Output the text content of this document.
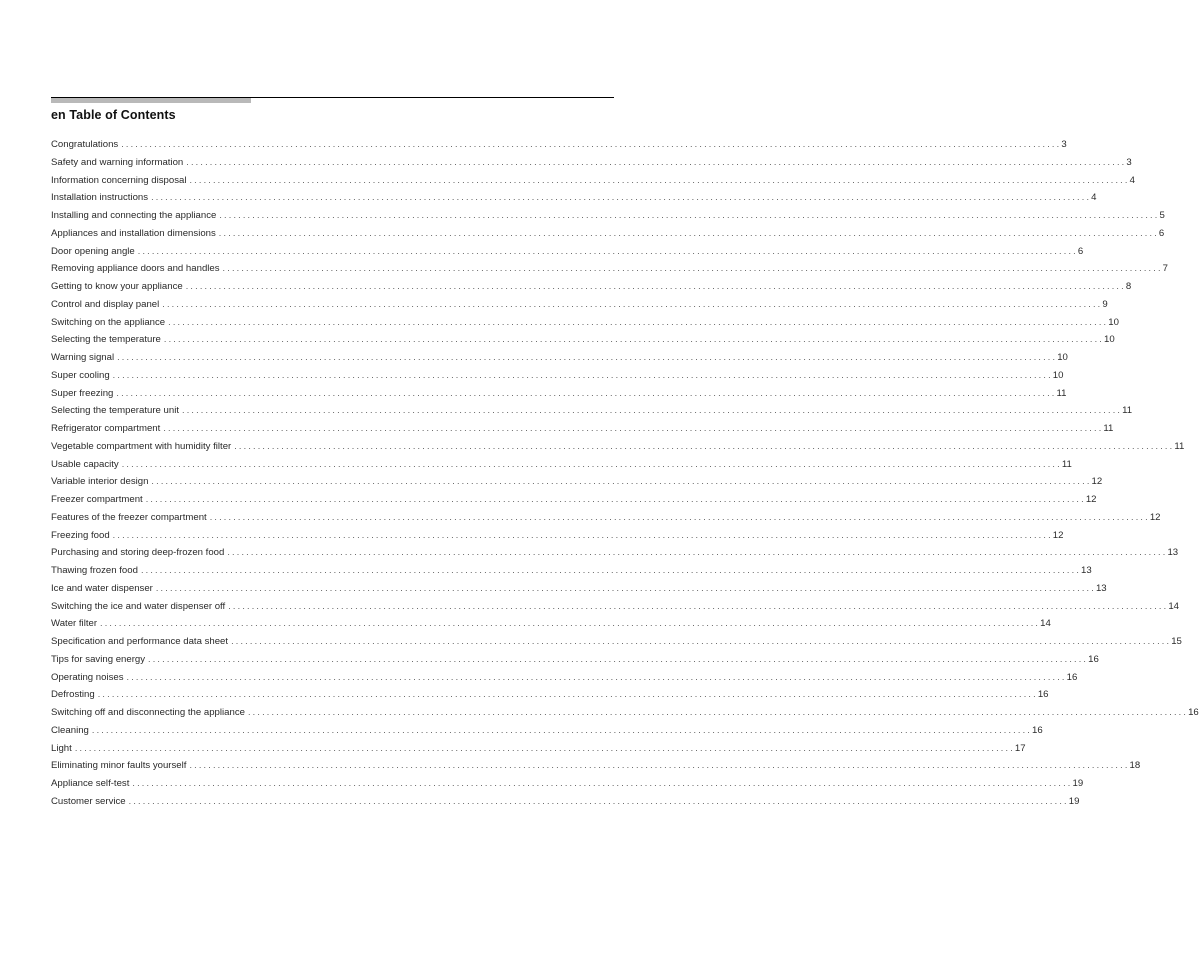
en Table of Contents
Congratulations ........................................................................................................................................................................................................ 3
Safety and warning information ........................................................................................................................................................................................................ 3
Information concerning disposal ........................................................................................................................................................................................................ 4
Installation instructions ........................................................................................................................................................................................................ 4
Installing and connecting the appliance ........................................................................................................................................................................................................ 5
Appliances and installation dimensions ........................................................................................................................................................................................................ 6
Door opening angle ........................................................................................................................................................................................................ 6
Removing appliance doors and handles ........................................................................................................................................................................................................ 7
Getting to know your appliance ........................................................................................................................................................................................................ 8
Control and display panel ........................................................................................................................................................................................................ 9
Switching on the appliance ........................................................................................................................................................................................................ 10
Selecting the temperature ........................................................................................................................................................................................................ 10
Warning signal ........................................................................................................................................................................................................ 10
Super cooling ........................................................................................................................................................................................................ 10
Super freezing ........................................................................................................................................................................................................ 11
Selecting the temperature unit ........................................................................................................................................................................................................ 11
Refrigerator compartment ........................................................................................................................................................................................................ 11
Vegetable compartment with humidity filter ........................................................................................................................................................................................................ 11
Usable capacity ........................................................................................................................................................................................................ 11
Variable interior design ........................................................................................................................................................................................................ 12
Freezer compartment ........................................................................................................................................................................................................ 12
Features of the freezer compartment ........................................................................................................................................................................................................ 12
Freezing food ........................................................................................................................................................................................................ 12
Purchasing and storing deep-frozen food ........................................................................................................................................................................................................ 13
Thawing frozen food ........................................................................................................................................................................................................ 13
Ice and water dispenser ........................................................................................................................................................................................................ 13
Switching the ice and water dispenser off ........................................................................................................................................................................................................ 14
Water filter ........................................................................................................................................................................................................ 14
Specification and performance data sheet ........................................................................................................................................................................................................ 15
Tips for saving energy ........................................................................................................................................................................................................ 16
Operating noises ........................................................................................................................................................................................................ 16
Defrosting ........................................................................................................................................................................................................ 16
Switching off and disconnecting the appliance ........................................................................................................................................................................................................ 16
Cleaning ........................................................................................................................................................................................................ 16
Light ........................................................................................................................................................................................................ 17
Eliminating minor faults yourself ........................................................................................................................................................................................................ 18
Appliance self-test ........................................................................................................................................................................................................ 19
Customer service ........................................................................................................................................................................................................ 19
